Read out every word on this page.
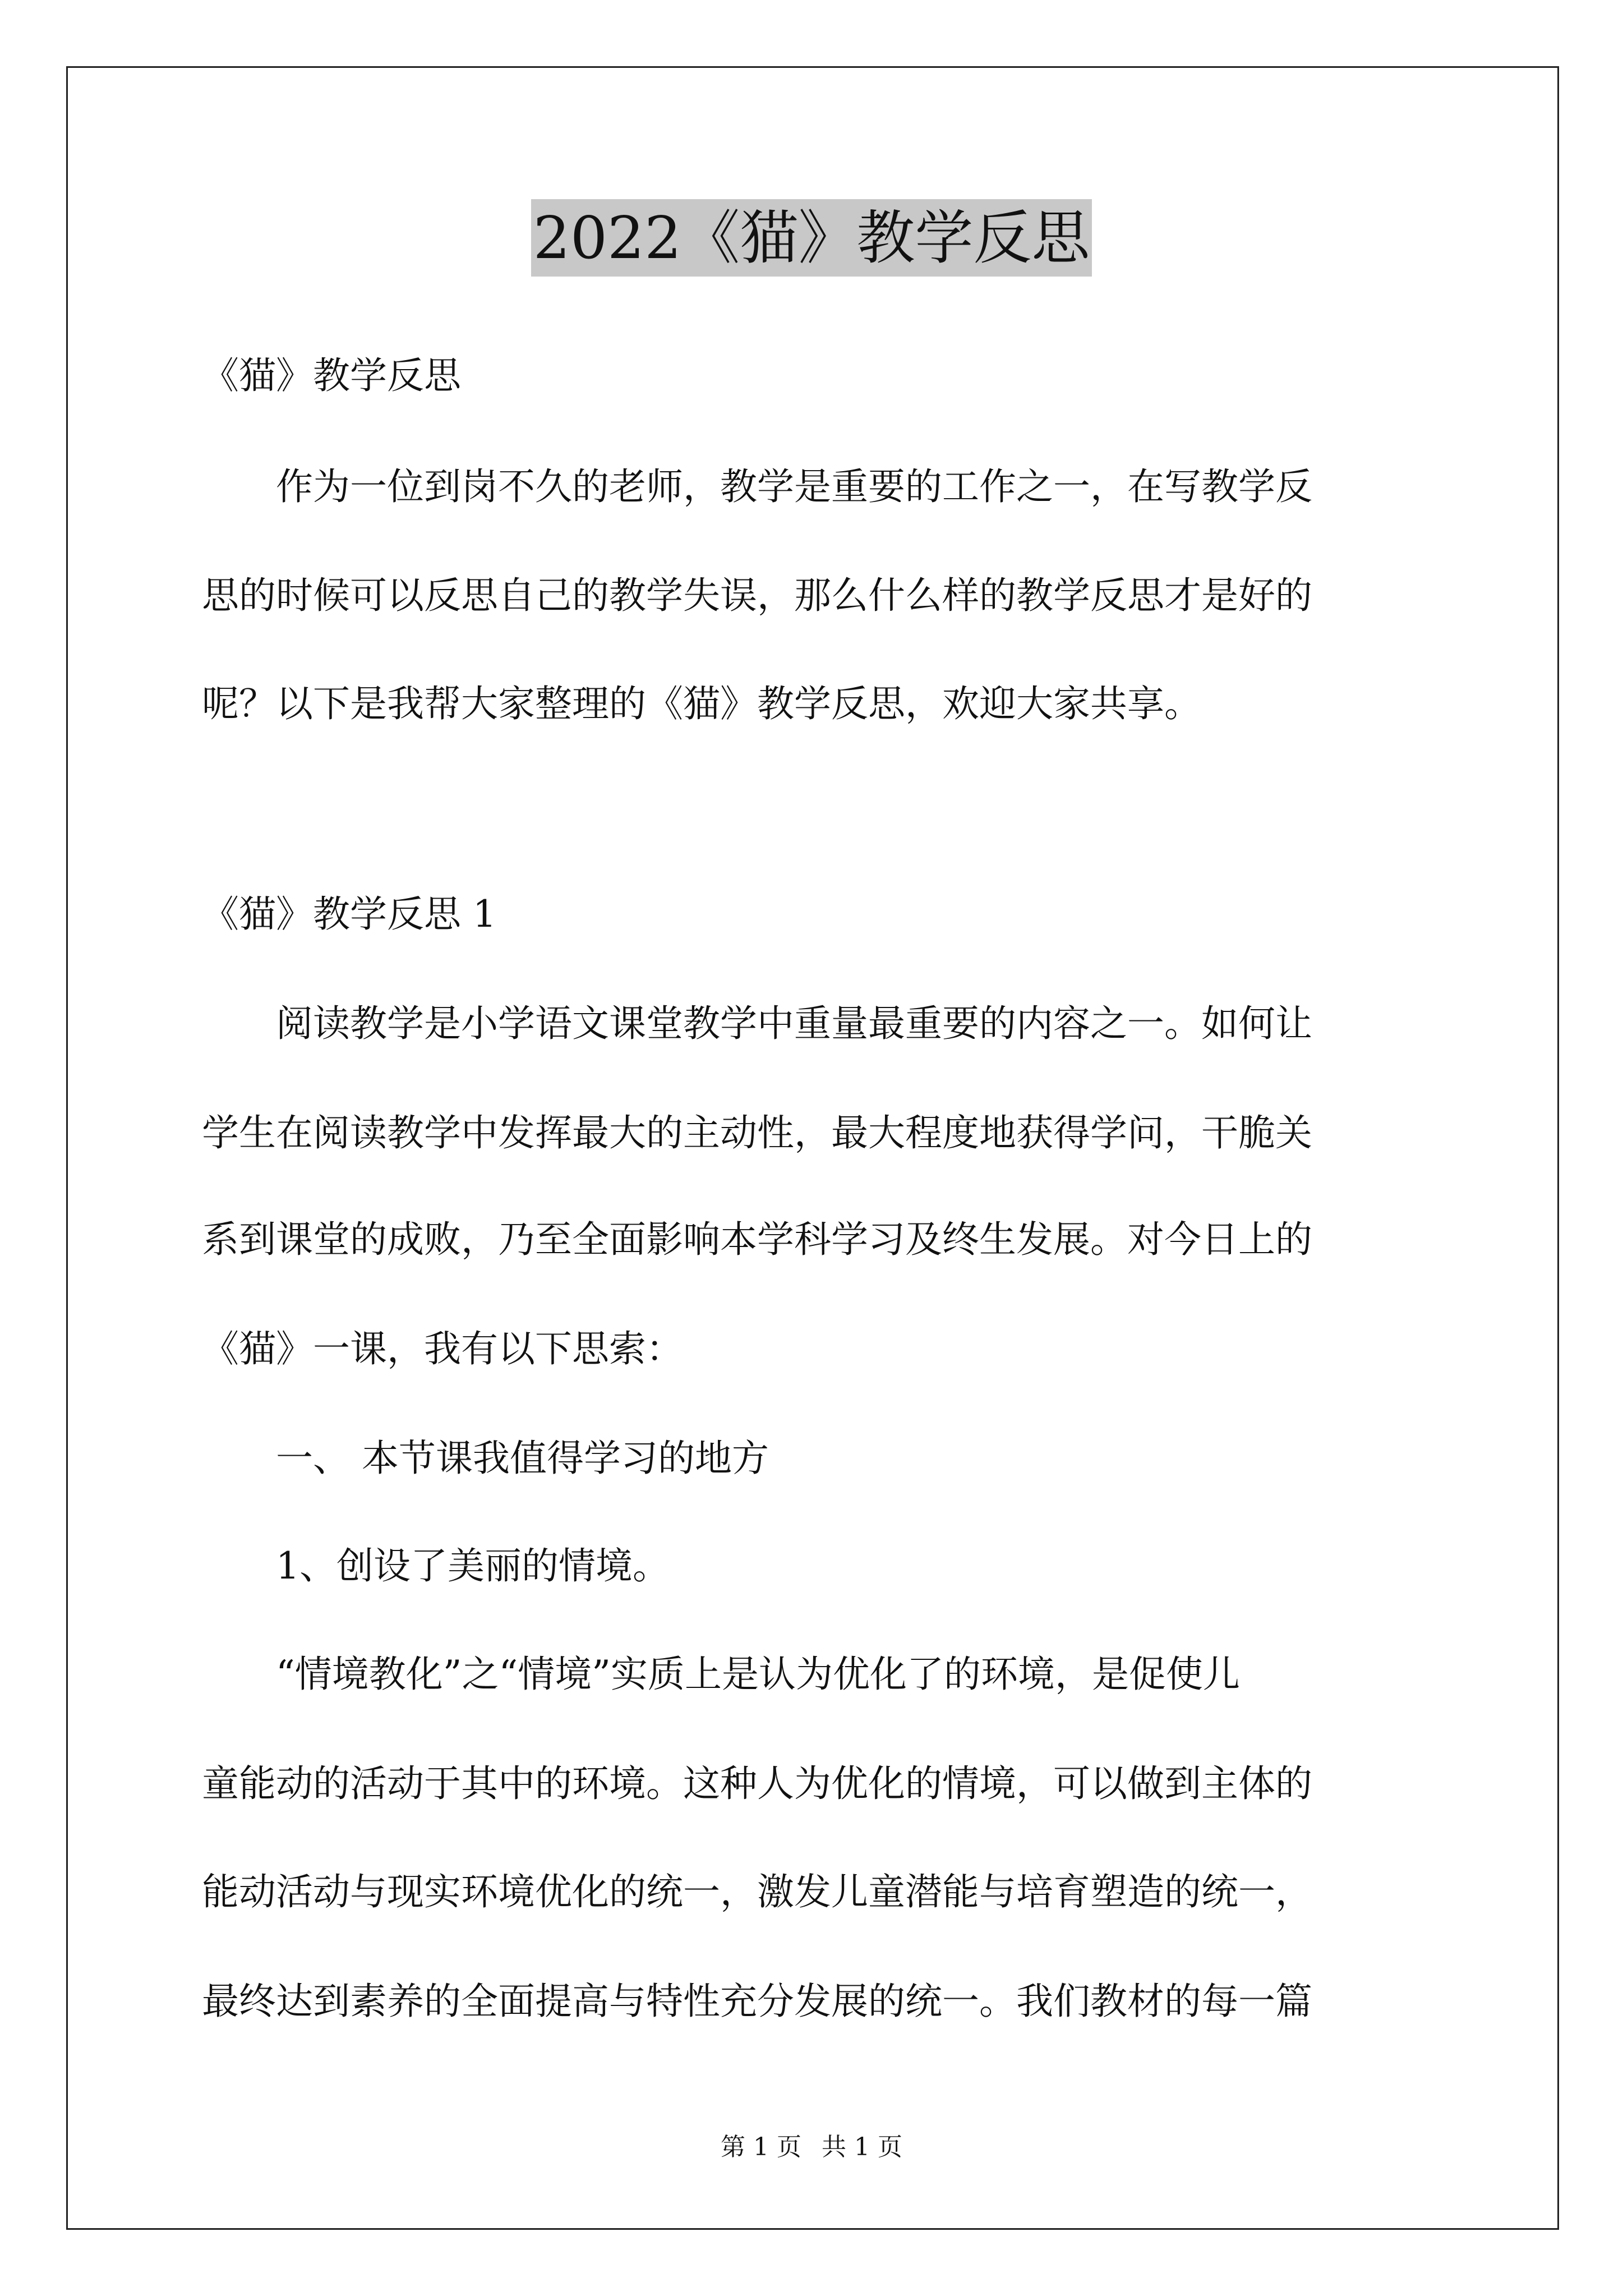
2022《猫》教学反思
《猫》教学反思
　　作为一位到岗不久的老师，教学是重要的工作之一，在写教学反
思的时候可以反思自己的教学失误，那么什么样的教学反思才是好的
呢？以下是我帮大家整理的《猫》教学反思，欢迎大家共享。
《猫》教学反思 1
　　阅读教学是小学语文课堂教学中重量最重要的内容之一。如何让
学生在阅读教学中发挥最大的主动性，最大程度地获得学问，干脆关
系到课堂的成败，乃至全面影响本学科学习及终生发展。对今日上的
《猫》一课，我有以下思索：
　　一、 本节课我值得学习的地方
　　1、创设了美丽的情境。
　　“情境教化”之“情境”实质上是认为优化了的环境，是促使儿
童能动的活动于其中的环境。这种人为优化的情境，可以做到主体的
能动活动与现实环境优化的统一，激发儿童潜能与培育塑造的统一，
最终达到素养的全面提高与特性充分发展的统一。我们教材的每一篇
第 1 页 共 1 页
